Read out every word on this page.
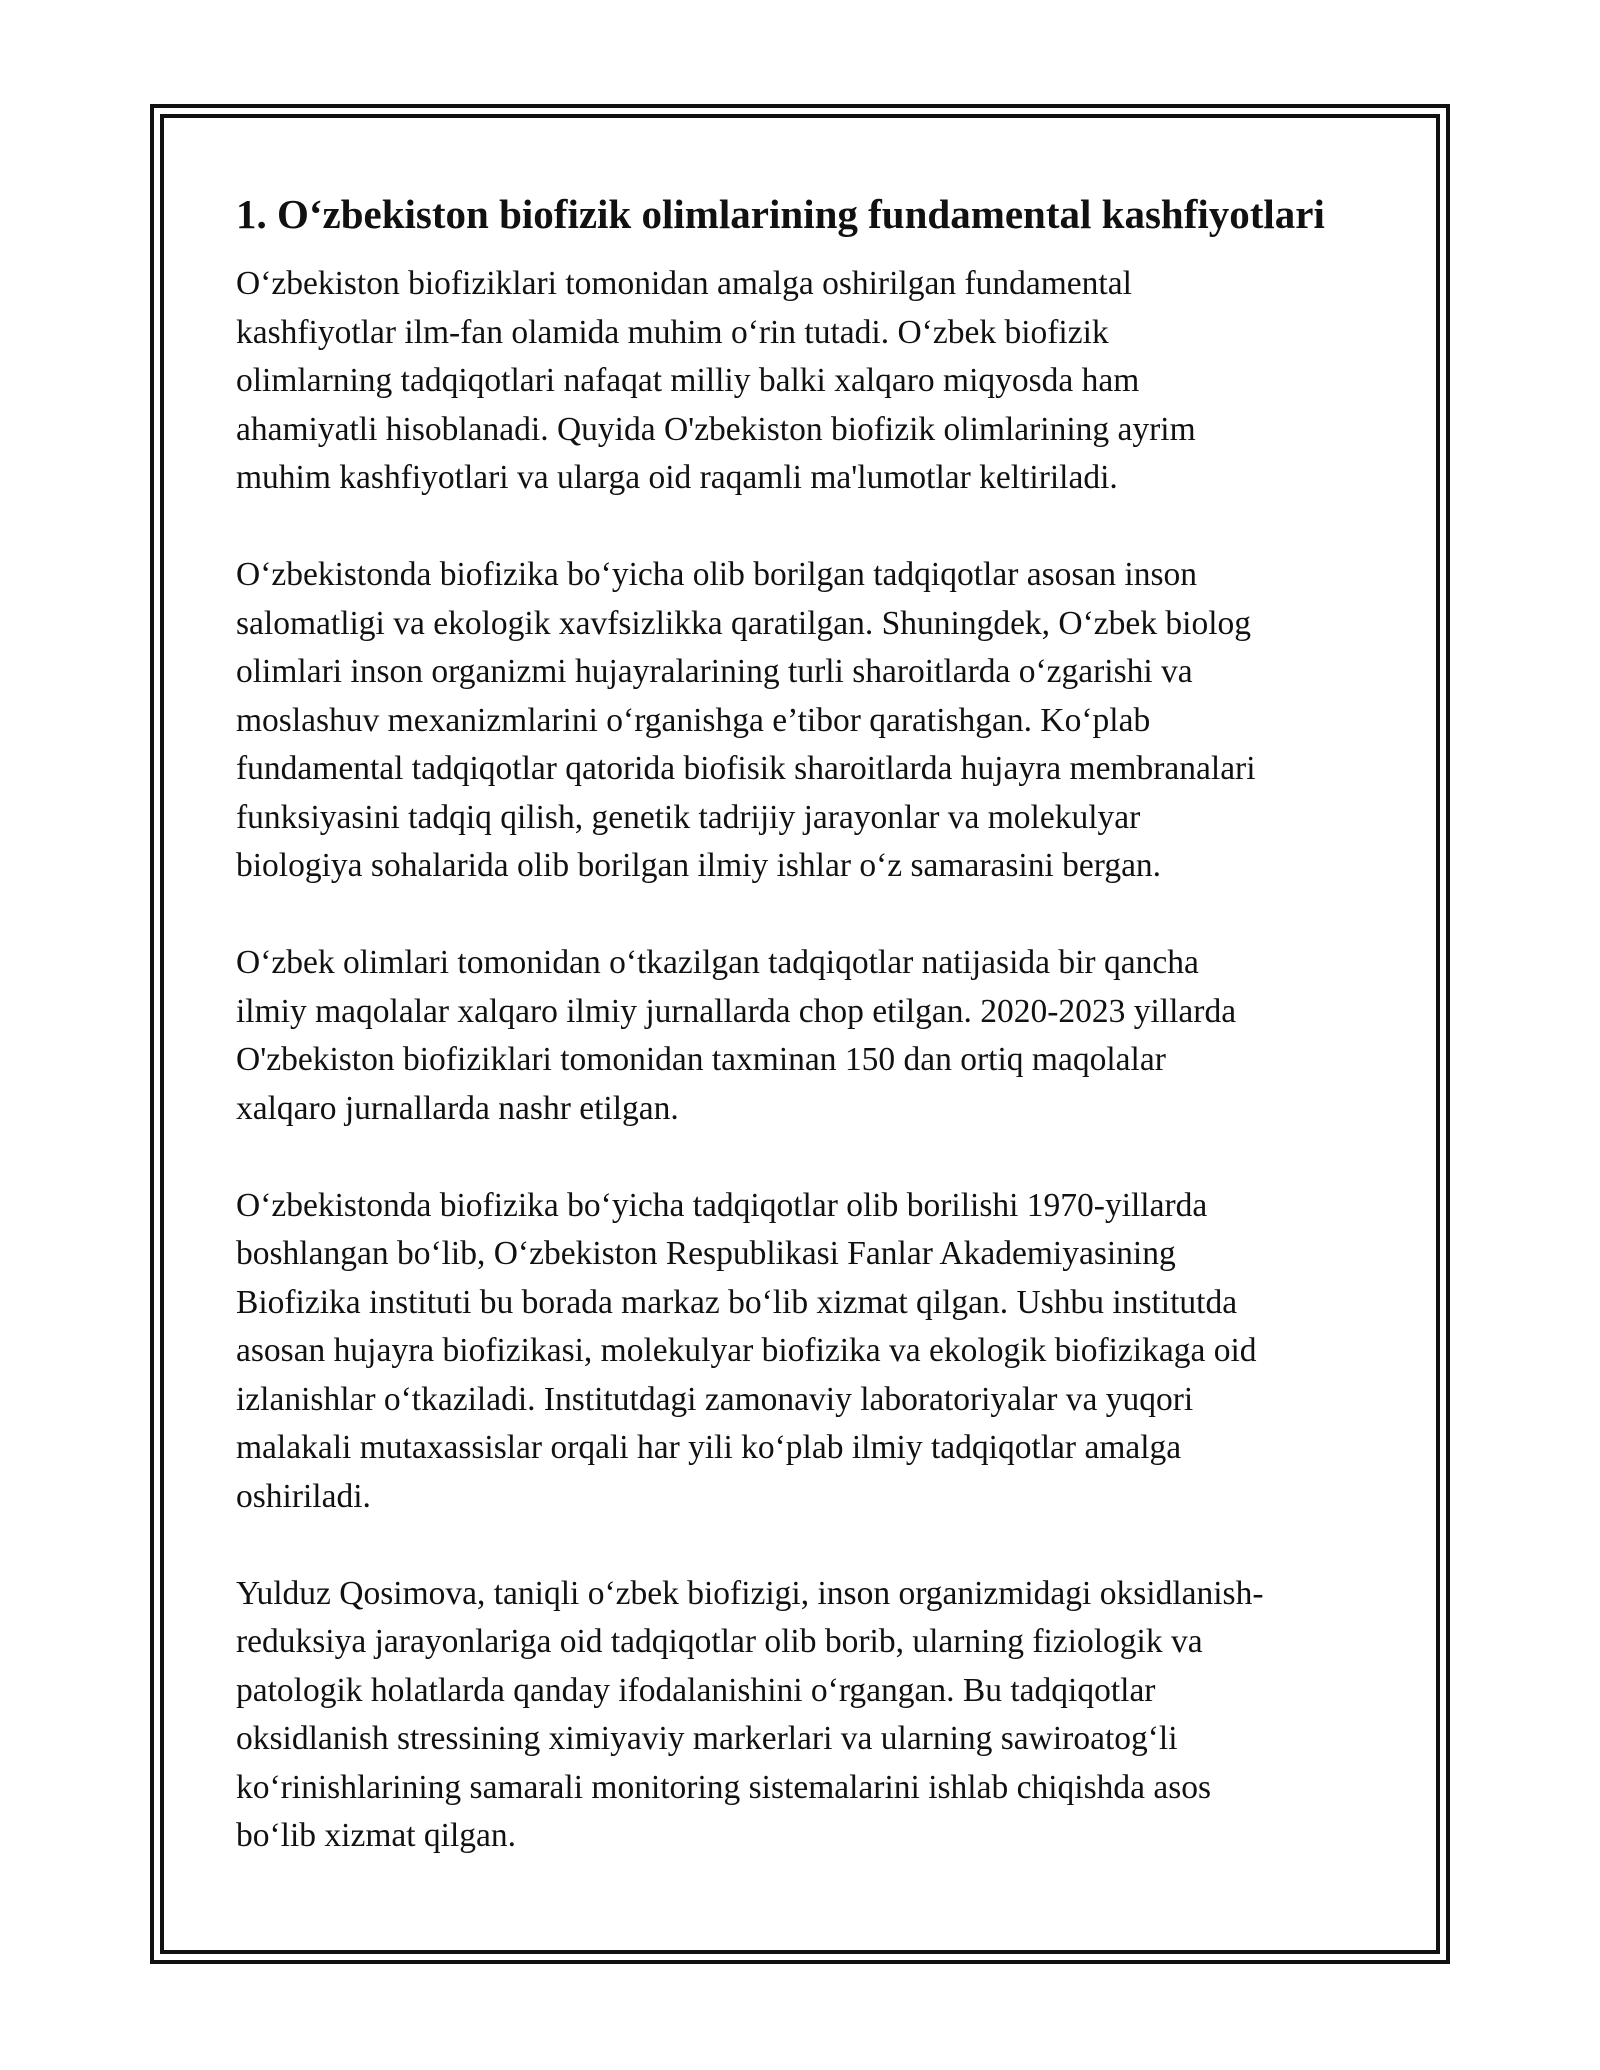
1. Oʻzbekiston biofizik olimlarining fundamental kashfiyotlari

Oʻzbekiston biofiziklari tomonidan amalga oshirilgan fundamental
kashfiyotlar ilm-fan olamida muhim oʻrin tutadi. Oʻzbek biofizik
olimlarning tadqiqotlari nafaqat milliy balki xalqaro miqyosda ham
ahamiyatli hisoblanadi. Quyida O'zbekiston biofizik olimlarining ayrim
muhim kashfiyotlari va ularga oid raqamli ma'lumotlar keltiriladi.

Oʻzbekistonda biofizika boʻyicha olib borilgan tadqiqotlar asosan inson
salomatligi va ekologik xavfsizlikka qaratilgan. Shuningdek, Oʻzbek biolog
olimlari inson organizmi hujayralarining turli sharoitlarda oʻzgarishi va
moslashuv mexanizmlarini oʻrganishga e’tibor qaratishgan. Koʻplab
fundamental tadqiqotlar qatorida biofisik sharoitlarda hujayra membranalari
funksiyasini tadqiq qilish, genetik tadrijiy jarayonlar va molekulyar
biologiya sohalarida olib borilgan ilmiy ishlar oʻz samarasini bergan.

Oʻzbek olimlari tomonidan oʻtkazilgan tadqiqotlar natijasida bir qancha
ilmiy maqolalar xalqaro ilmiy jurnallarda chop etilgan. 2020-2023 yillarda
O'zbekiston biofiziklari tomonidan taxminan 150 dan ortiq maqolalar
xalqaro jurnallarda nashr etilgan.

Oʻzbekistonda biofizika boʻyicha tadqiqotlar olib borilishi 1970-yillarda
boshlangan boʻlib, Oʻzbekiston Respublikasi Fanlar Akademiyasining
Biofizika instituti bu borada markaz boʻlib xizmat qilgan. Ushbu institutda
asosan hujayra biofizikasi, molekulyar biofizika va ekologik biofizikaga oid
izlanishlar oʻtkaziladi. Institutdagi zamonaviy laboratoriyalar va yuqori
malakali mutaxassislar orqali har yili koʻplab ilmiy tadqiqotlar amalga
oshiriladi.

Yulduz Qosimova, taniqli oʻzbek biofizigi, inson organizmidagi oksidlanish-
reduksiya jarayonlariga oid tadqiqotlar olib borib, ularning fiziologik va
patologik holatlarda qanday ifodalanishini oʻrgangan. Bu tadqiqotlar
oksidlanish stressining ximiyaviy markerlari va ularning sawiroatogʻli
koʻrinishlarining samarali monitoring sistemalarini ishlab chiqishda asos
boʻlib xizmat qilgan.
